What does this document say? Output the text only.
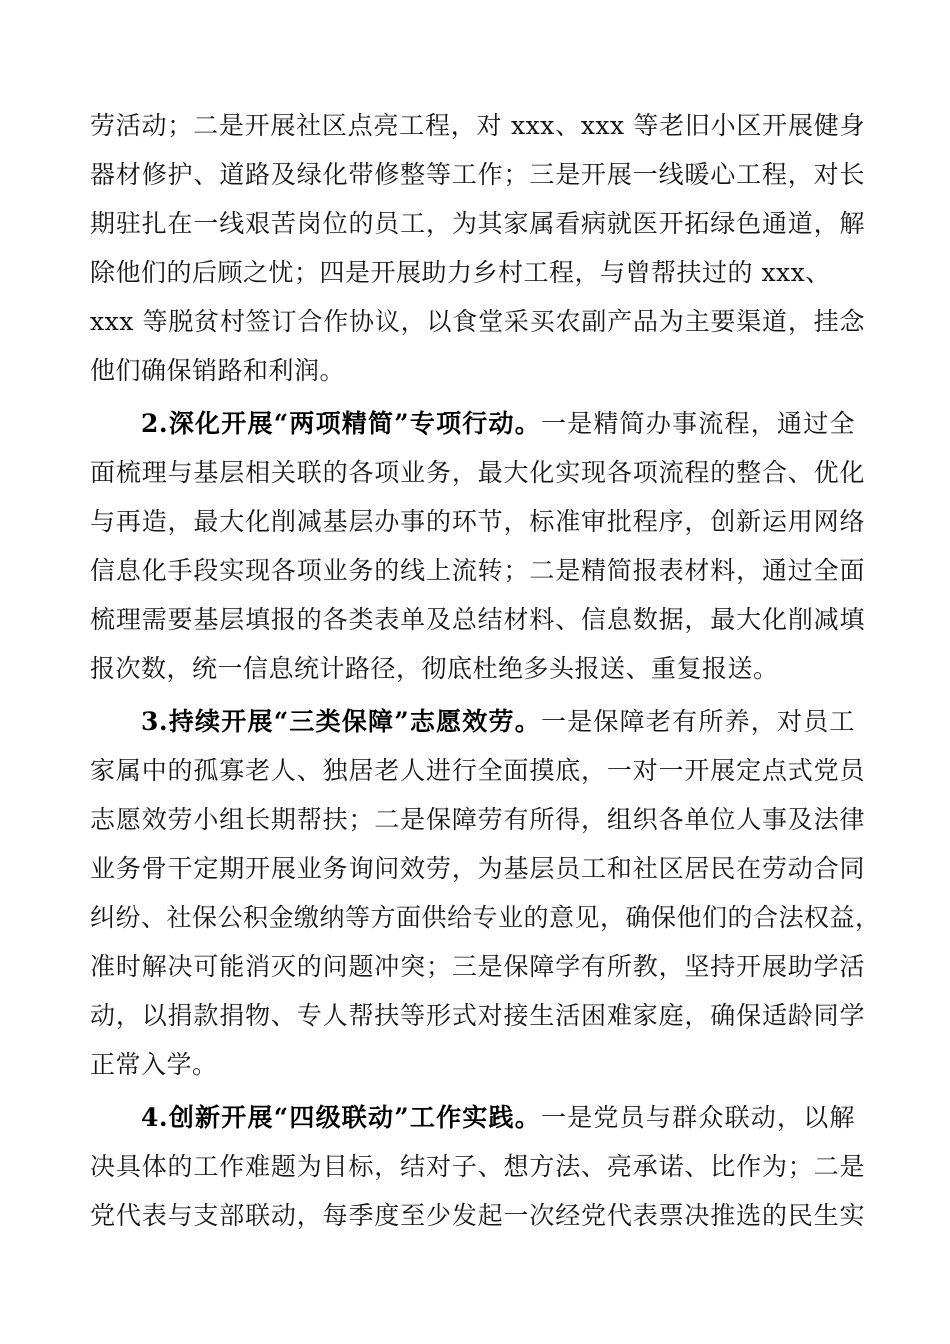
劳活动；二是开展社区点亮工程，对 xxx、xxx 等老旧小区开展健身
器材修护、道路及绿化带修整等工作；三是开展一线暖心工程，对长
期驻扎在一线艰苦岗位的员工，为其家属看病就医开拓绿色通道，解
除他们的后顾之忧；四是开展助力乡村工程，与曾帮扶过的 xxx、
xxx 等脱贫村签订合作协议，以食堂采买农副产品为主要渠道，挂念
他们确保销路和利润。
2.深化开展“两项精简”专项行动。一是精简办事流程，通过全
面梳理与基层相关联的各项业务，最大化实现各项流程的整合、优化
与再造，最大化削减基层办事的环节，标准审批程序，创新运用网络
信息化手段实现各项业务的线上流转；二是精简报表材料，通过全面
梳理需要基层填报的各类表单及总结材料、信息数据，最大化削减填
报次数，统一信息统计路径，彻底杜绝多头报送、重复报送。
3.持续开展“三类保障”志愿效劳。一是保障老有所养，对员工
家属中的孤寡老人、独居老人进行全面摸底，一对一开展定点式党员
志愿效劳小组长期帮扶；二是保障劳有所得，组织各单位人事及法律
业务骨干定期开展业务询问效劳，为基层员工和社区居民在劳动合同
纠纷、社保公积金缴纳等方面供给专业的意见，确保他们的合法权益，
准时解决可能消灭的问题冲突；三是保障学有所教，坚持开展助学活
动，以捐款捐物、专人帮扶等形式对接生活困难家庭，确保适龄同学
正常入学。
4.创新开展“四级联动”工作实践。一是党员与群众联动，以解
决具体的工作难题为目标，结对子、想方法、亮承诺、比作为；二是
党代表与支部联动，每季度至少发起一次经党代表票决推选的民生实
